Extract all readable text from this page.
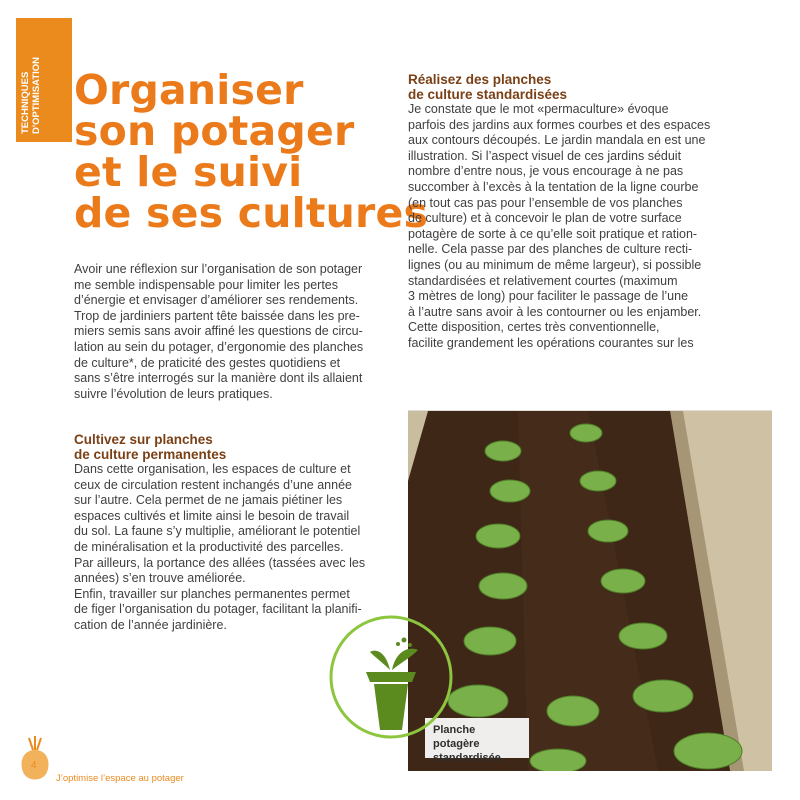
TECHNIQUES D'OPTIMISATION Organiser
son potager
et le suivi
de ses cultures

Avoir une réflexion sur l’organisation de son potager
me semble indispensable pour limiter les pertes
d’énergie et envisager d’améliorer ses rendements.
Trop de jardiniers partent tête baissée dans les pre-
miers semis sans avoir affiné les questions de circu-
lation au sein du potager, d’ergonomie des planches
de culture*, de praticité des gestes quotidiens et
sans s’être interrogés sur la manière dont ils allaient
suivre l’évolution de leurs pratiques.

Cultivez sur planches
de culture permanentes

Dans cette organisation, les espaces de culture et
ceux de circulation restent inchangés d’une année
sur l’autre. Cela permet de ne jamais piétiner les
espaces cultivés et limite ainsi le besoin de travail
du sol. La faune s’y multiplie, améliorant le potentiel
de minéralisation et la productivité des parcelles.
Par ailleurs, la portance des allées (tassées avec les
années) s’en trouve améliorée.
Enfin, travailler sur planches permanentes permet
de figer l’organisation du potager, facilitant la planifi-
cation de l’année jardinière.

Réalisez des planches
de culture standardisées

Je constate que le mot «permaculture» évoque
parfois des jardins aux formes courbes et des espaces
aux contours découpés. Le jardin mandala en est une
illustration. Si l’aspect visuel de ces jardins séduit
nombre d’entre nous, je vous encourage à ne pas
succomber à l’excès à la tentation de la ligne courbe
(en tout cas pas pour l’ensemble de vos planches
de culture) et à concevoir le plan de votre surface
potagère de sorte à ce qu’elle soit pratique et ration-
nelle. Cela passe par des planches de culture recti-
lignes (ou au minimum de même largeur), si possible
standardisées et relativement courtes (maximum
3 mètres de long) pour faciliter le passage de l’une
à l’autre sans avoir à les contourner ou les enjamber.
Cette disposition, certes très conventionnelle,
facilite grandement les opérations courantes sur les

Planche potagère
standardisée.
4
J’optimise l’espace au potager
